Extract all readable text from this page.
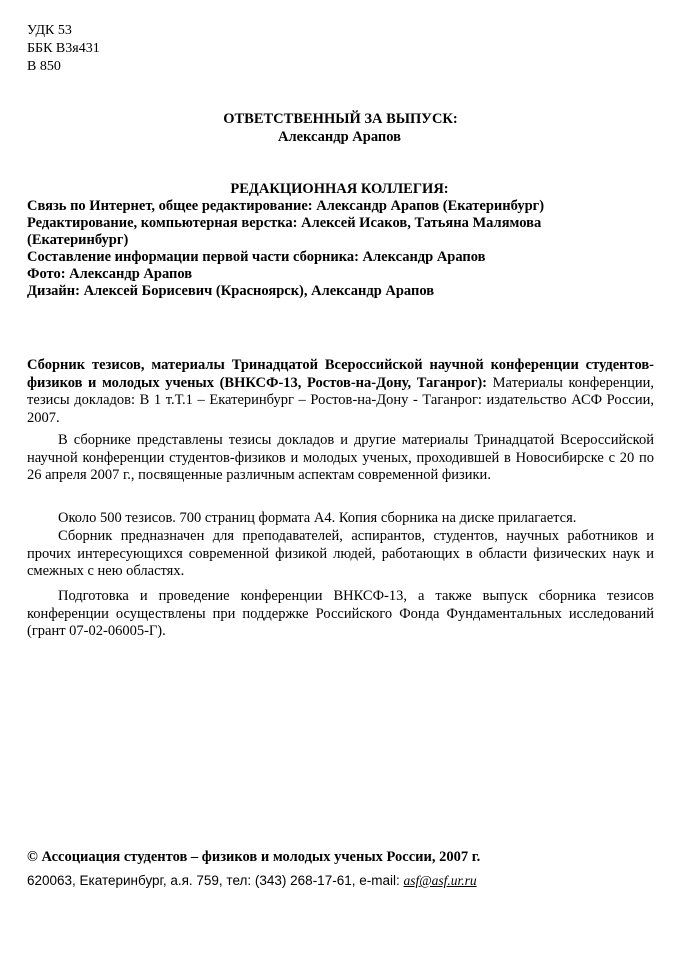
УДК 53
ББК В3я431
В 850
ОТВЕТСТВЕННЫЙ ЗА ВЫПУСК:
Александр Арапов
РЕДАКЦИОННАЯ КОЛЛЕГИЯ:
Связь по Интернет, общее редактирование: Александр Арапов (Екатеринбург)
Редактирование, компьютерная верстка: Алексей Исаков, Татьяна Малямова
(Екатеринбург)
Составление информации первой части сборника: Александр Арапов
Фото: Александр Арапов
Дизайн: Алексей Борисевич (Красноярск), Александр Арапов
Сборник тезисов, материалы Тринадцатой Всероссийской научной конференции студентов-физиков и молодых ученых (ВНКСФ-13, Ростов-на-Дону, Таганрог): Материалы конференции, тезисы докладов: В 1 т.Т.1 – Екатеринбург – Ростов-на-Дону - Таганрог: издательство АСФ России, 2007.
В сборнике представлены тезисы докладов и другие материалы Тринадцатой Всероссийской научной конференции студентов-физиков и молодых ученых, проходившей в Новосибирске с 20 по 26 апреля 2007 г., посвященные различным аспектам современной физики.
Около 500 тезисов. 700 страниц формата А4. Копия сборника на диске прилагается.
Сборник предназначен для преподавателей, аспирантов, студентов, научных работников и прочих интересующихся современной физикой людей, работающих в области физических наук и смежных с нею областях.
Подготовка и проведение конференции ВНКСФ-13, а также выпуск сборника тезисов конференции осуществлены при поддержке Российского Фонда Фундаментальных исследований (грант 07-02-06005-Г).
© Ассоциация студентов – физиков и молодых ученых России, 2007 г.
620063, Екатеринбург, а.я. 759, тел: (343) 268-17-61, e-mail: asf@asf.ur.ru
